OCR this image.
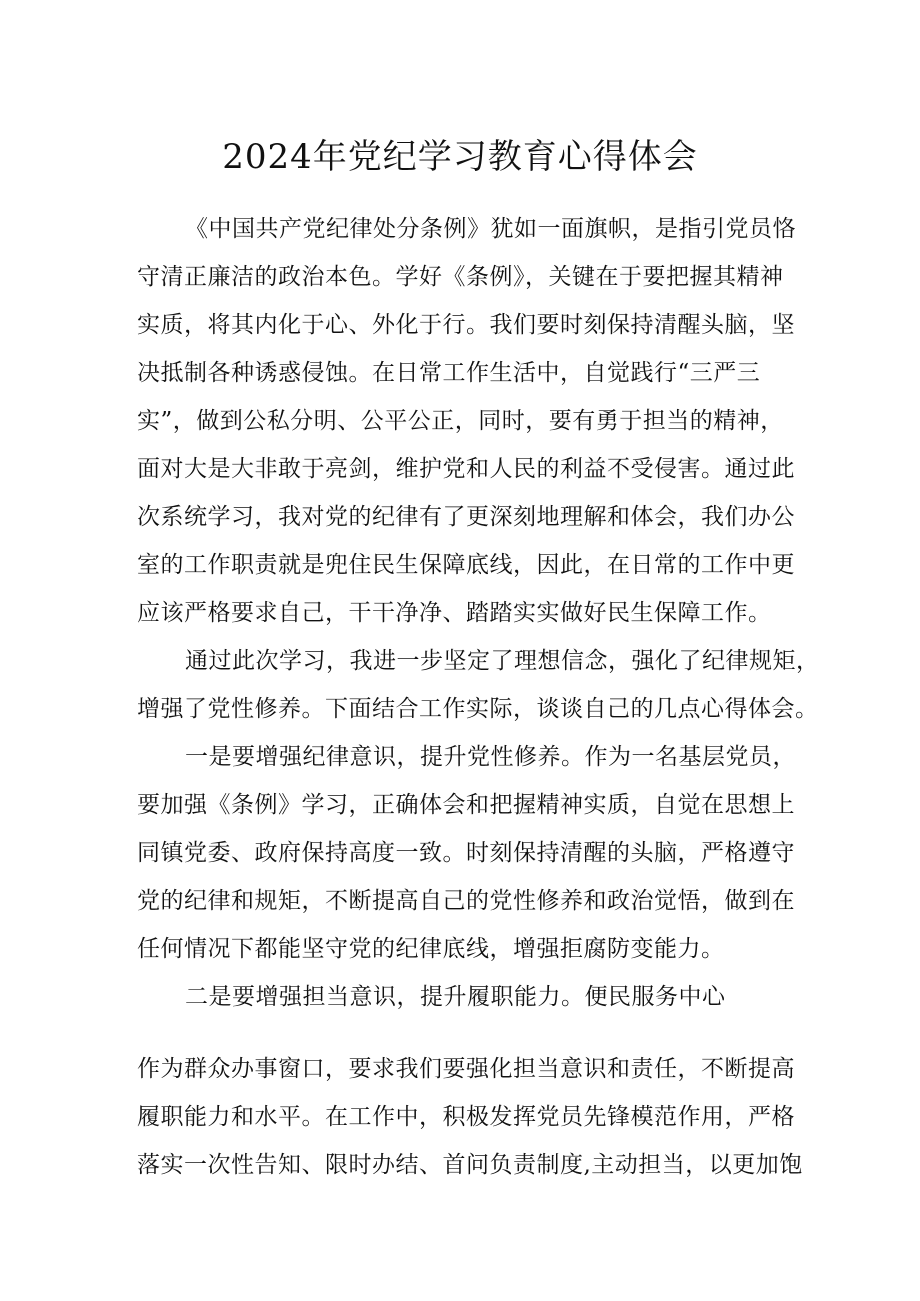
2024年党纪学习教育心得体会
《中国共产党纪律处分条例》犹如一面旗帜，是指引党员恪
守清正廉洁的政治本色。学好《条例》，关键在于要把握其精神
实质，将其内化于心、外化于行。我们要时刻保持清醒头脑，坚
决抵制各种诱惑侵蚀。在日常工作生活中，自觉践行“三严三
实”，做到公私分明、公平公正，同时，要有勇于担当的精神，
面对大是大非敢于亮剑，维护党和人民的利益不受侵害。通过此
次系统学习，我对党的纪律有了更深刻地理解和体会，我们办公
室的工作职责就是兜住民生保障底线，因此，在日常的工作中更
应该严格要求自己，干干净净、踏踏实实做好民生保障工作。
通过此次学习，我进一步坚定了理想信念，强化了纪律规矩，
增强了党性修养。下面结合工作实际，谈谈自己的几点心得体会。
一是要增强纪律意识，提升党性修养。作为一名基层党员，
要加强《条例》学习，正确体会和把握精神实质，自觉在思想上
同镇党委、政府保持高度一致。时刻保持清醒的头脑，严格遵守
党的纪律和规矩，不断提高自己的党性修养和政治觉悟，做到在
任何情况下都能坚守党的纪律底线，增强拒腐防变能力。
二是要增强担当意识，提升履职能力。便民服务中心
作为群众办事窗口，要求我们要强化担当意识和责任，不断提高
履职能力和水平。在工作中，积极发挥党员先锋模范作用，严格
落实一次性告知、限时办结、首问负责制度,主动担当，以更加饱
